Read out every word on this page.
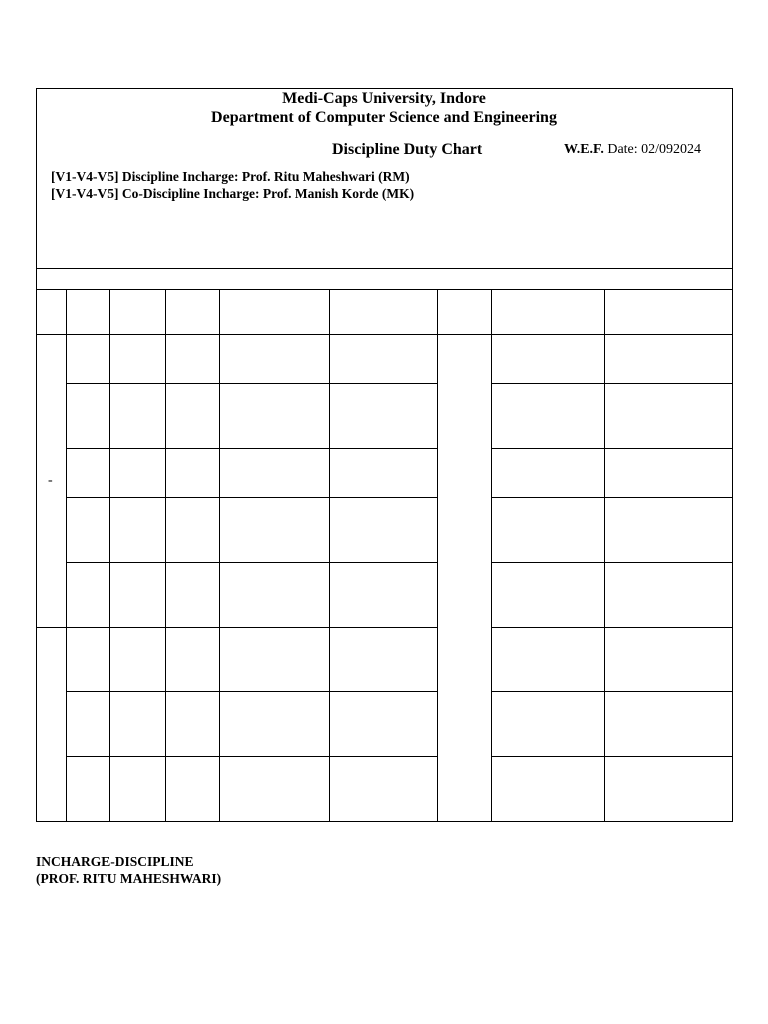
Medi-Caps University, Indore
Department of Computer Science and Engineering
Discipline Duty Chart	W.E.F. Date: 02/092024
[V1-V4-V5] Discipline Incharge: Prof. Ritu Maheshwari (RM)
[V1-V4-V5] Co-Discipline Incharge: Prof. Manish Korde (MK)
-
INCHARGE-DISCIPLINE
(PROF. RITU MAHESHWARI)
